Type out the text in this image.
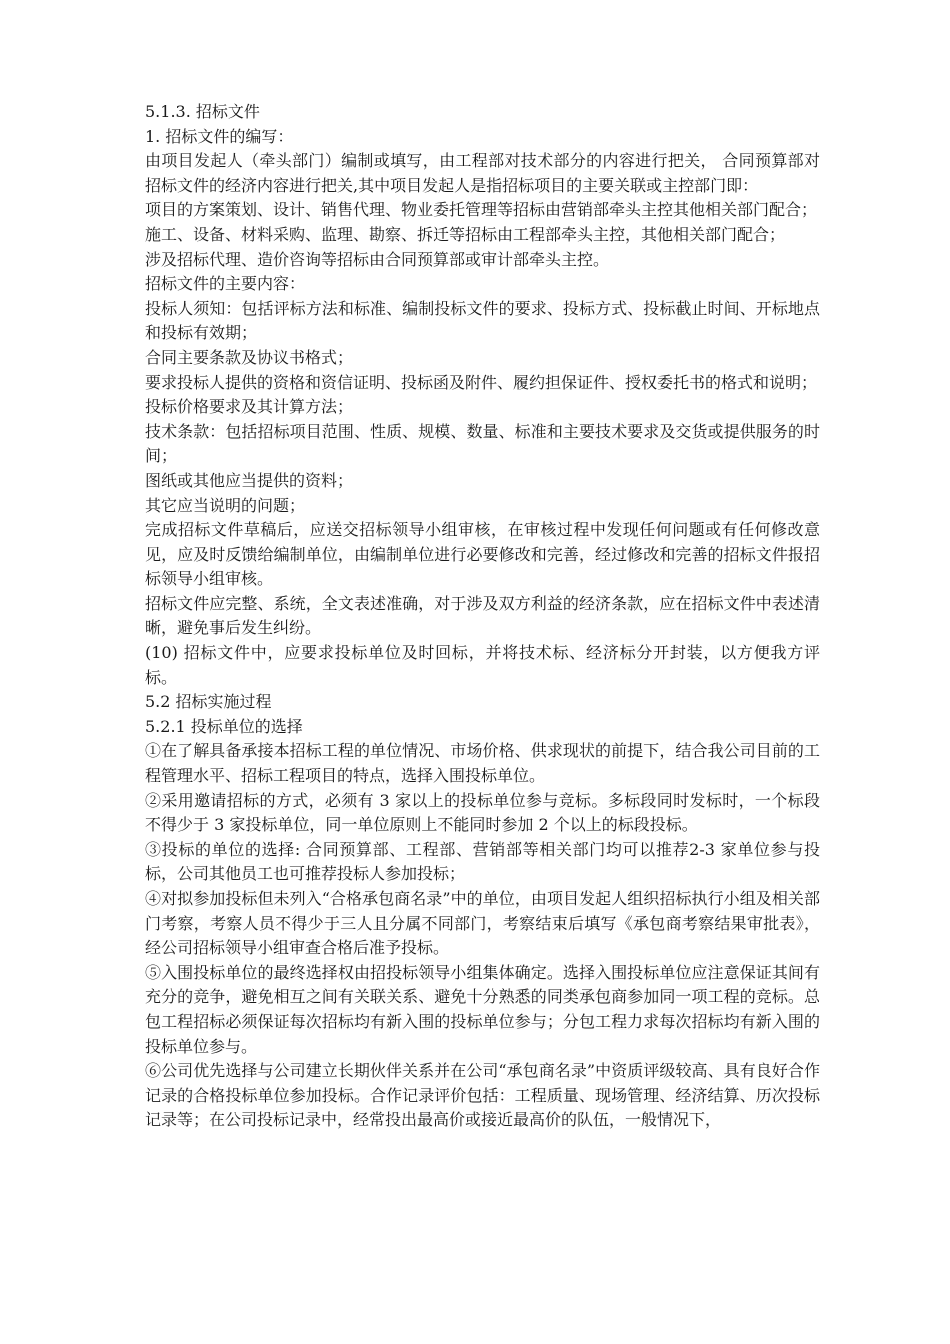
5.1.3. 招标文件

1. 招标文件的编写：

由项目发起人（牵头部门）编制或填写，由工程部对技术部分的内容进行把关， 合同预算部对招标文件的经济内容进行把关,其中项目发起人是指招标项目的主要关联或主控部门即：

项目的方案策划、设计、销售代理、物业委托管理等招标由营销部牵头主控其他相关部门配合；

施工、设备、材料采购、监理、勘察、拆迁等招标由工程部牵头主控，其他相关部门配合；

涉及招标代理、造价咨询等招标由合同预算部或审计部牵头主控。

招标文件的主要内容：

投标人须知：包括评标方法和标准、编制投标文件的要求、投标方式、投标截止时间、开标地点和投标有效期；

合同主要条款及协议书格式；

要求投标人提供的资格和资信证明、投标函及附件、履约担保证件、授权委托书的格式和说明；

投标价格要求及其计算方法；

技术条款：包括招标项目范围、性质、规模、数量、标准和主要技术要求及交货或提供服务的时间；

图纸或其他应当提供的资料；

其它应当说明的问题；

完成招标文件草稿后，应送交招标领导小组审核，在审核过程中发现任何问题或有任何修改意见，应及时反馈给编制单位，由编制单位进行必要修改和完善，经过修改和完善的招标文件报招标领导小组审核。

招标文件应完整、系统，全文表述准确，对于涉及双方利益的经济条款，应在招标文件中表述清晰，避免事后发生纠纷。

(10) 招标文件中，应要求投标单位及时回标，并将技术标、经济标分开封装，以方便我方评标。

5.2 招标实施过程

5.2.1 投标单位的选择

①在了解具备承接本招标工程的单位情况、市场价格、供求现状的前提下，结合我公司目前的工程管理水平、招标工程项目的特点，选择入围投标单位。

②采用邀请招标的方式，必须有 3 家以上的投标单位参与竞标。多标段同时发标时，一个标段不得少于 3 家投标单位，同一单位原则上不能同时参加 2 个以上的标段投标。

③投标的单位的选择: 合同预算部、工程部、营销部等相关部门均可以推荐2-3 家单位参与投标，公司其他员工也可推荐投标人参加投标；

④对拟参加投标但未列入“合格承包商名录”中的单位，由项目发起人组织招标执行小组及相关部门考察，考察人员不得少于三人且分属不同部门，考察结束后填写《承包商考察结果审批表》，经公司招标领导小组审查合格后准予投标。

⑤入围投标单位的最终选择权由招投标领导小组集体确定。选择入围投标单位应注意保证其间有充分的竞争，避免相互之间有关联关系、避免十分熟悉的同类承包商参加同一项工程的竞标。总包工程招标必须保证每次招标均有新入围的投标单位参与；分包工程力求每次招标均有新入围的投标单位参与。

⑥公司优先选择与公司建立长期伙伴关系并在公司“承包商名录”中资质评级较高、具有良好合作记录的合格投标单位参加投标。合作记录评价包括：工程质量、现场管理、经济结算、历次投标记录等；在公司投标记录中，经常投出最高价或接近最高价的队伍，一般情况下，
